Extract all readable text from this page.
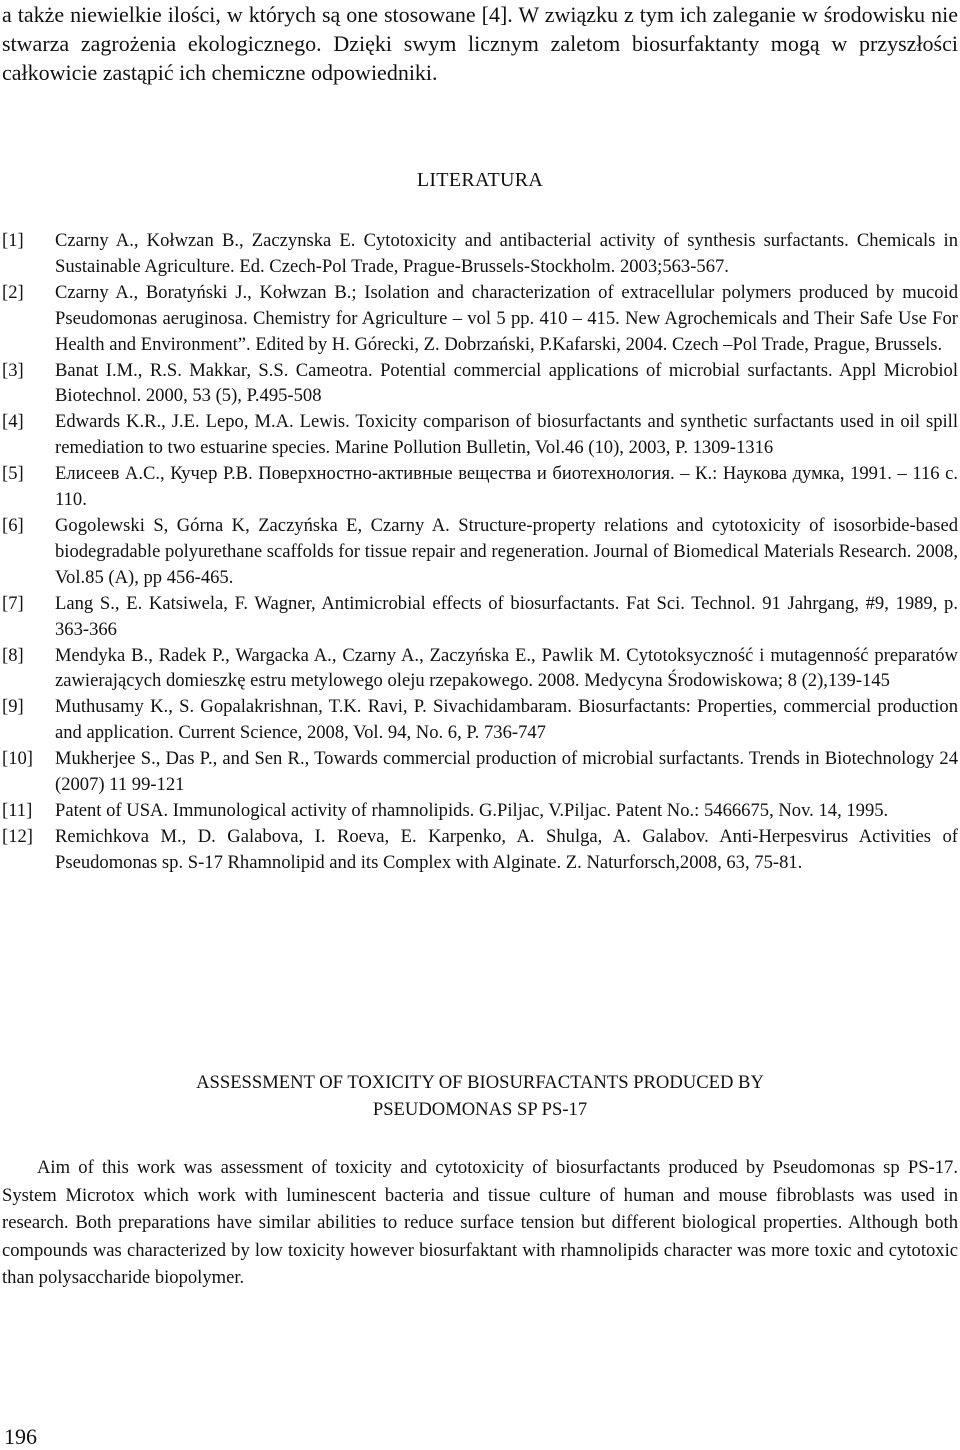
a także niewielkie ilości, w których są one stosowane [4]. W związku z tym ich zaleganie w środowisku nie stwarza zagrożenia ekologicznego. Dzięki swym licznym zaletom biosurfaktanty mogą w przyszłości całkowicie zastąpić ich chemiczne odpowiedniki.

LITERATURA
[1]	Czarny A., Kołwzan B., Zaczynska E. Cytotoxicity and antibacterial activity of synthesis surfactants. Chemicals in Sustainable Agriculture. Ed. Czech-Pol Trade, Prague-Brussels-Stockholm. 2003;563-567.
[2]	Czarny A., Boratyński J., Kołwzan B.; Isolation and characterization of extracellular polymers produced by mucoid Pseudomonas aeruginosa. Chemistry for Agriculture – vol 5 pp. 410 – 415. New Agrochemicals and Their Safe Use For Health and Environment”. Edited by H. Górecki, Z. Dobrzański, P.Kafarski, 2004. Czech –Pol Trade, Prague, Brussels.
[3]	Banat I.M., R.S. Makkar, S.S. Cameotra. Potential commercial applications of microbial surfactants. Appl Microbiol Biotechnol. 2000, 53 (5), P.495-508
[4]	Edwards K.R., J.E. Lepo, M.A. Lewis. Toxicity comparison of biosurfactants and synthetic surfactants used in oil spill remediation to two estuarine species. Marine Pollution Bulletin, Vol.46 (10), 2003, P. 1309-1316
[5]	Елисеев А.С., Кучер Р.В. Поверхностно-активные вещества и биотехнология. – К.: Наукова думка, 1991. – 116 с. 110.
[6]	Gogolewski S, Górna K, Zaczyńska E, Czarny A. Structure-property relations and cytotoxicity of isosorbide-based biodegradable polyurethane scaffolds for tissue repair and regeneration. Journal of Biomedical Materials Research. 2008, Vol.85 (A), pp 456-465.
[7]	Lang S., E. Katsiwela, F. Wagner, Antimicrobial effects of biosurfactants. Fat Sci. Technol. 91 Jahrgang, #9, 1989, p. 363-366
[8]	Mendyka B., Radek P., Wargacka A., Czarny A., Zaczyńska E., Pawlik M. Cytotoksyczność i mutagenność preparatów zawierających domieszkę estru metylowego oleju rzepakowego. 2008. Medycyna Środowiskowa; 8 (2),139-145
[9]	Muthusamy K., S. Gopalakrishnan, T.K. Ravi, P. Sivachidambaram. Biosurfactants: Properties, commercial production and application. Current Science, 2008, Vol. 94, No. 6, P. 736-747
[10]	Mukherjee S., Das P., and Sen R., Towards commercial production of microbial surfactants. Trends in Biotechnology 24 (2007) 11 99-121
[11]	Patent of USA. Immunological activity of rhamnolipids. G.Piljac, V.Piljac. Patent No.: 5466675, Nov. 14, 1995.
[12]	Remichkova M., D. Galabova, I. Roeva, E. Karpenko, A. Shulga, A. Galabov. Anti-Herpesvirus Activities of Pseudomonas sp. S-17 Rhamnolipid and its Complex with Alginate. Z. Naturforsch,2008, 63, 75-81.
ASSESSMENT OF TOXICITY OF BIOSURFACTANTS PRODUCED BY
PSEUDOMONAS SP PS-17

Aim of this work was assessment of toxicity and cytotoxicity of biosurfactants produced by Pseudomonas sp PS-17. System Microtox which work with luminescent bacteria and tissue culture of human and mouse fibroblasts was used in research. Both preparations have similar abilities to reduce surface tension but different biological properties. Although both compounds was characterized by low toxicity however biosurfaktant with rhamnolipids character was more toxic and cytotoxic than polysaccharide biopolymer.

196
